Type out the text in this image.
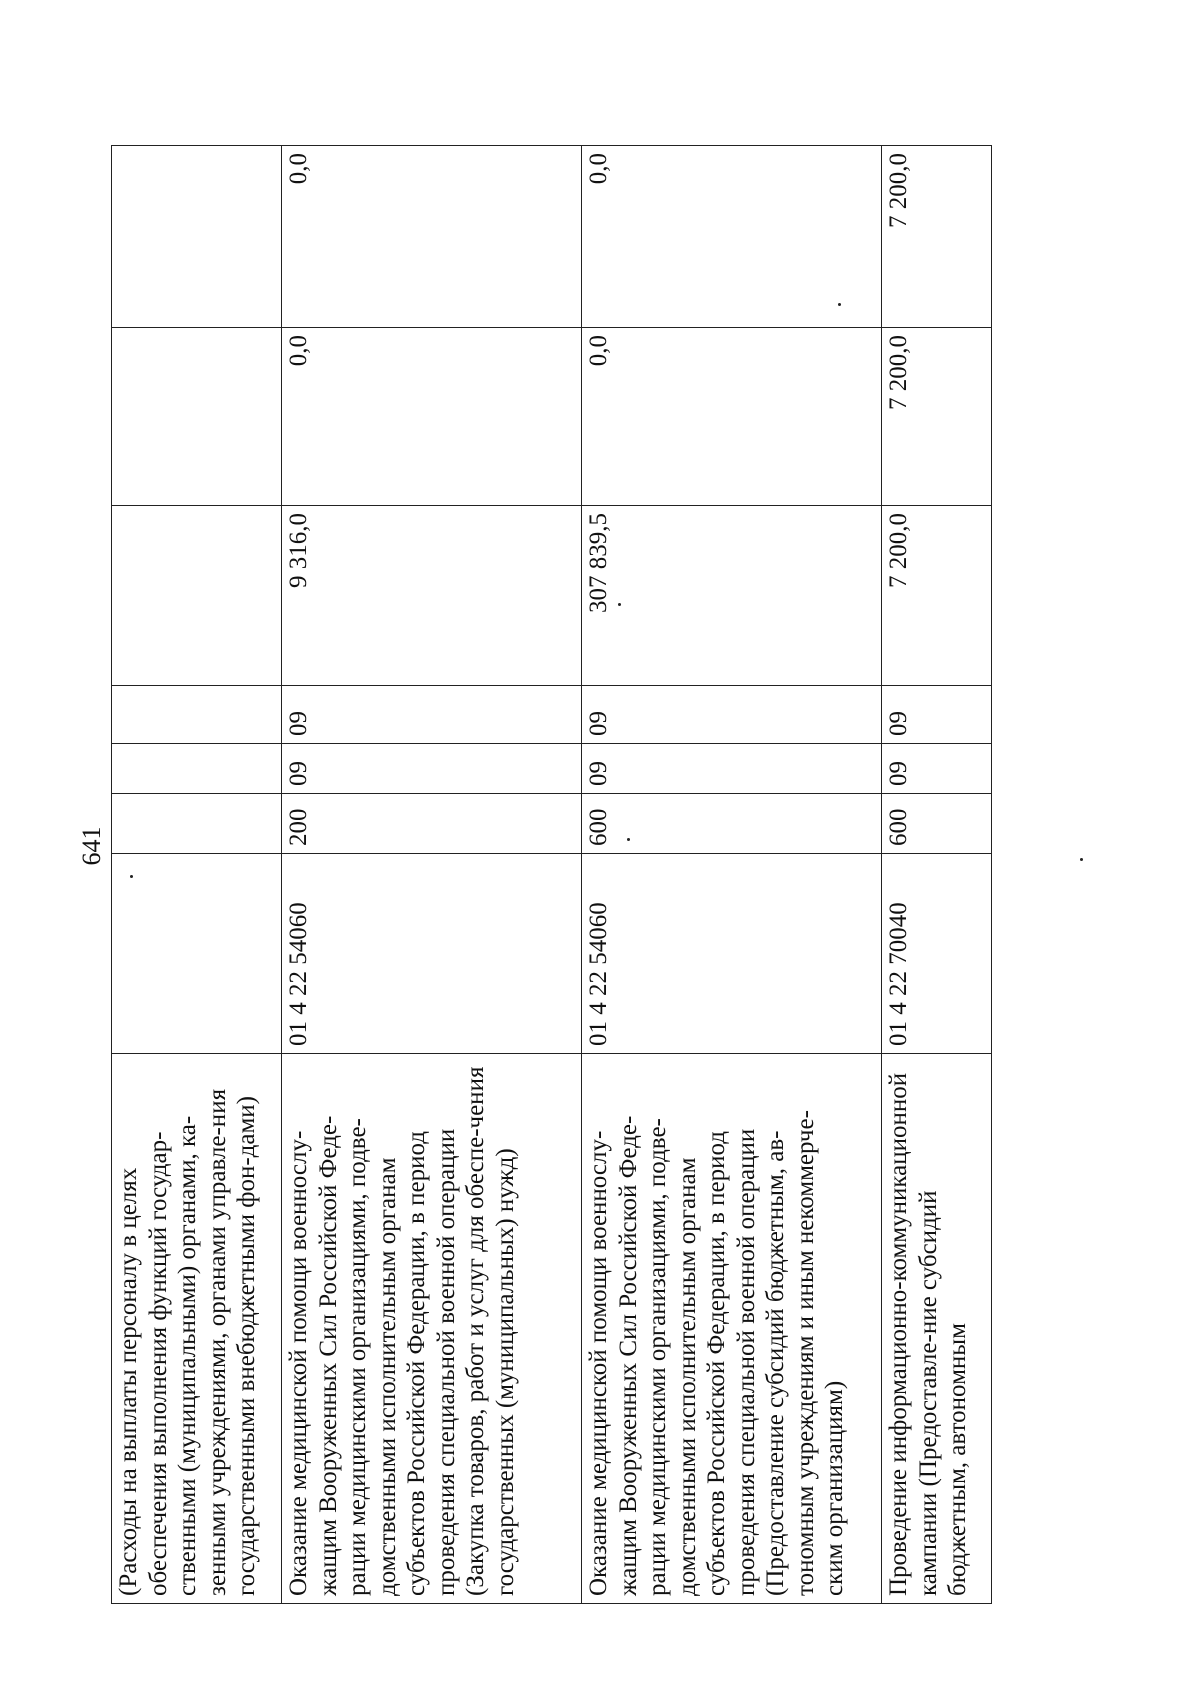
641
(Расходы на выплаты персоналу в целях обеспечения выполнения функций государ-ственными (муниципальными) органами, ка-зенными учреждениями, органами управле-ния государственными внебюджетными фон-дами)							
Оказание медицинской помощи военнослу-жащим Вооруженных Сил Российской Феде-рации медицинскими организациями, подве-домственными исполнительным органам субъектов Российской Федерации, в период проведения специальной военной операции (Закупка товаров, работ и услуг для обеспе-чения государственных (муниципальных) нужд)	01 4 22 54060	200	09	09	9 316,0	0,0	0,0
Оказание медицинской помощи военнослу-жащим Вооруженных Сил Российской Феде-рации медицинскими организациями, подве-домственными исполнительным органам субъектов Российской Федерации, в период проведения специальной военной операции (Предоставление субсидий бюджетным, ав-тономным учреждениям и иным некоммерче-ским организациям)	01 4 22 54060	600	09	09	307 839,5	0,0	0,0
Проведение информационно-коммуникационной кампании (Предоставле-ние субсидий бюджетным, автономным	01 4 22 70040	600	09	09	7 200,0	7 200,0	7 200,0
